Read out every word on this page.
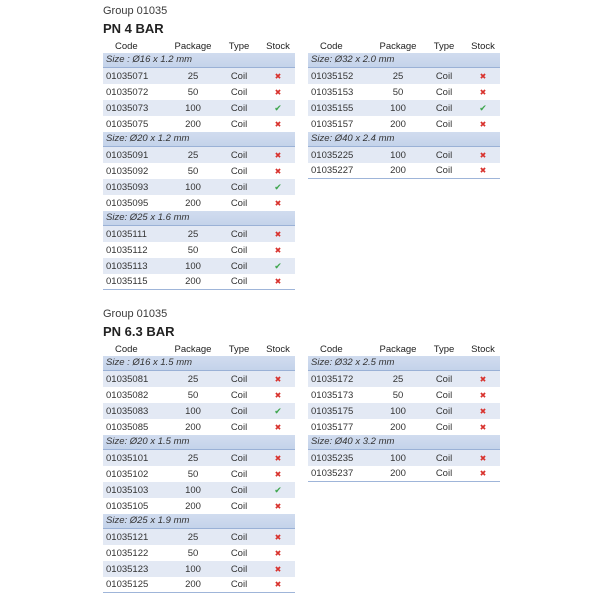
Group 01035
PN 4 BAR
Code	Package	Type	Stock
Size : Ø16 x 1.2 mm
01035071	25	Coil	✖
01035072	50	Coil	✖
01035073	100	Coil	✔
01035075	200	Coil	✖
Size: Ø20 x 1.2 mm
01035091	25	Coil	✖
01035092	50	Coil	✖
01035093	100	Coil	✔
01035095	200	Coil	✖
Size: Ø25 x 1.6 mm
01035111	25	Coil	✖
01035112	50	Coil	✖
01035113	100	Coil	✔
01035115	200	Coil	✖
Code	Package	Type	Stock
Size: Ø32 x 2.0 mm
01035152	25	Coil	✖
01035153	50	Coil	✖
01035155	100	Coil	✔
01035157	200	Coil	✖
Size: Ø40 x 2.4 mm
01035225	100	Coil	✖
01035227	200	Coil	✖
Group 01035
PN 6.3 BAR
Code	Package	Type	Stock
Size : Ø16 x 1.5 mm
01035081	25	Coil	✖
01035082	50	Coil	✖
01035083	100	Coil	✔
01035085	200	Coil	✖
Size: Ø20 x 1.5 mm
01035101	25	Coil	✖
01035102	50	Coil	✖
01035103	100	Coil	✔
01035105	200	Coil	✖
Size: Ø25 x 1.9 mm
01035121	25	Coil	✖
01035122	50	Coil	✖
01035123	100	Coil	✖
01035125	200	Coil	✖
Code	Package	Type	Stock
Size: Ø32 x 2.5 mm
01035172	25	Coil	✖
01035173	50	Coil	✖
01035175	100	Coil	✖
01035177	200	Coil	✖
Size: Ø40 x 3.2 mm
01035235	100	Coil	✖
01035237	200	Coil	✖
